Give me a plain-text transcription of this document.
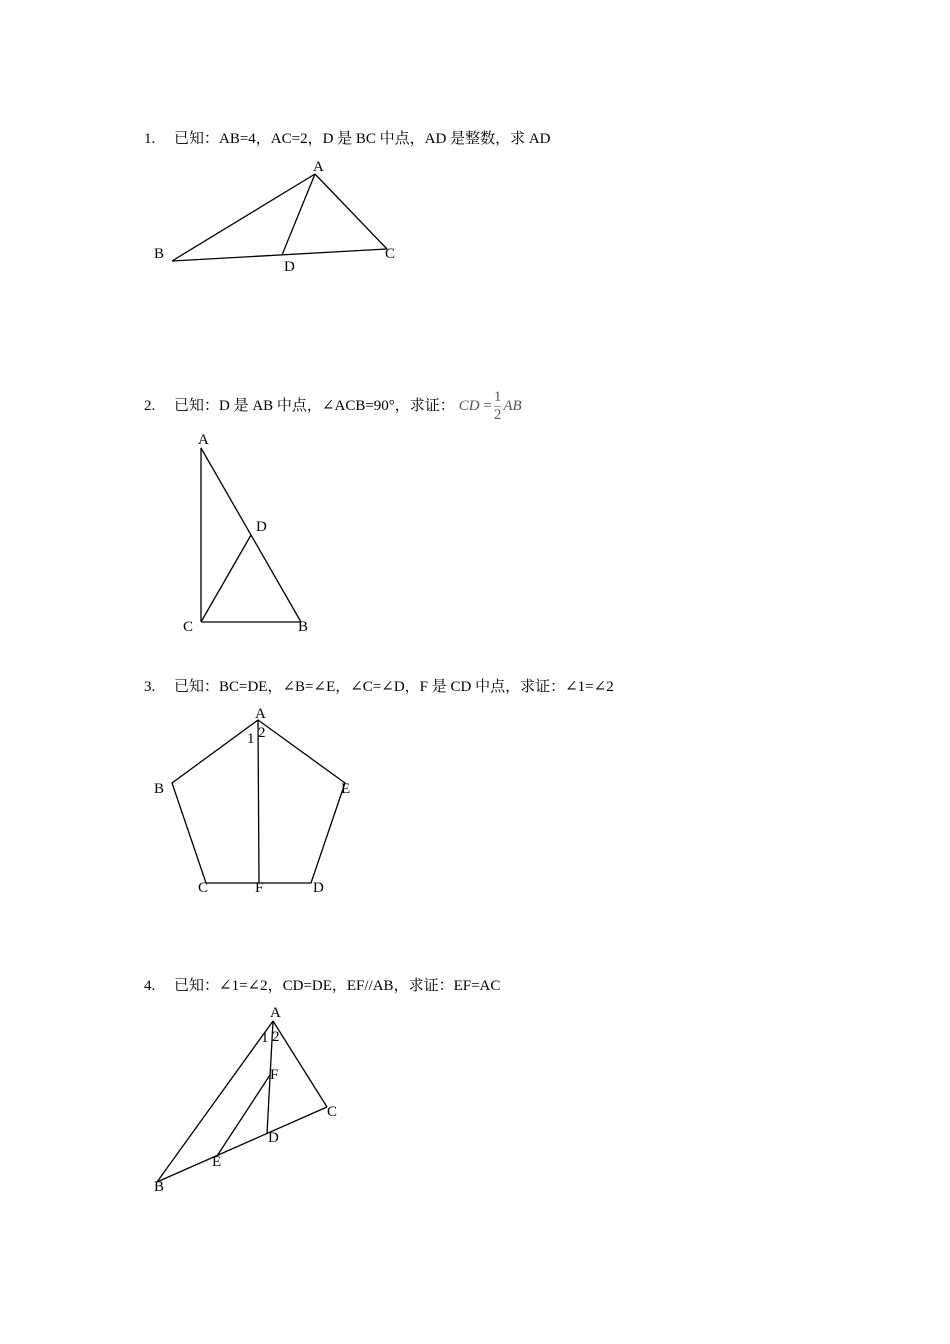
1. 已知：AB=4，AC=2，D 是 BC 中点，AD 是整数，求 AD
A
B	C
D
2. 已知：D 是 AB 中点，∠ACB=90°，求证： CD = $\frac{1}{2}$ AB
A
D
C	B
3. 已知：BC=DE，∠B=∠E，∠C=∠D，F 是 CD 中点，求证：∠1=∠2
A
1 2
B	E
C	F	D
4. 已知：∠1=∠2，CD=DE，EF//AB，求证：EF=AC
A
1 2
F
C
D
E
B
